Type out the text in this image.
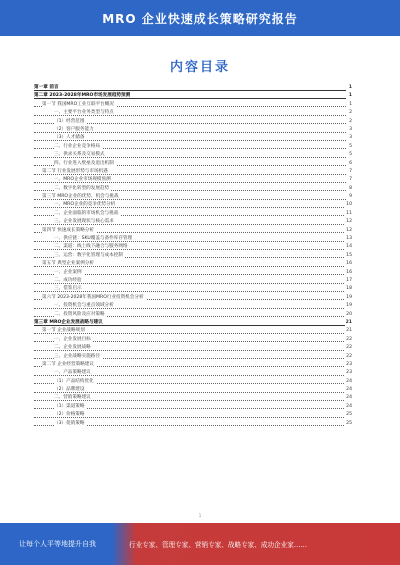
MRO 企业快速成长策略研究报告
内容目录
第一章 前言	1
第二章 2023-2028年MRO市场发展趋势预测	1
第一节 我国MRO工业互联平台概况	1
一、主要平台业务类型与特点	2
（1）经营范围	2
（2）客户服务能力	3
（3）人才储备	3
二、行业企业竞争格局	5
三、供求关系及交易模式	5
四、行业进入壁垒及退出机制	6
第二节 行业发展形势与市场机遇	7
一、MRO企业市场规模预测	7
二、数字化转型的发展趋势	8
第三节 MRO企业的优势、机会与挑战	9
一、MRO企业的竞争优势分析	10
二、企业面临的市场机会与挑战	11
三、企业发展现状与核心需求	12
第四节 快速成长策略分析	12
一、供应链：SKU覆盖与备件库存管理	13
二、渠道：线上线下融合与服务网络	14
三、运营：数字化管理与成本控制	15
第五节 典型企业案例分析	16
一、企业案例	16
二、成功经验	17
三、借鉴启示	18
第六节 2023-2028年我国MRO行业投资机会分析	19
一、投资机会与重点领域分析	19
二、投资风险及应对策略	20
第三章 MRO企业发展战略与建议	21
第一节 企业战略规划	21
一、企业发展目标	22
二、企业发展战略	22
三、企业战略实施路径	22
第二节 企业经营策略建议	23
一、产品策略建议	23
（1）产品结构优化	24
（2）品牌建设	24
二、营销策略建议	24
（1）渠道策略	24
（2）价格策略	25
（3）促销策略	25
1
让每个人平等地提升自我	行业专家、管理专家、营销专家、战略专家、成功企业家……
